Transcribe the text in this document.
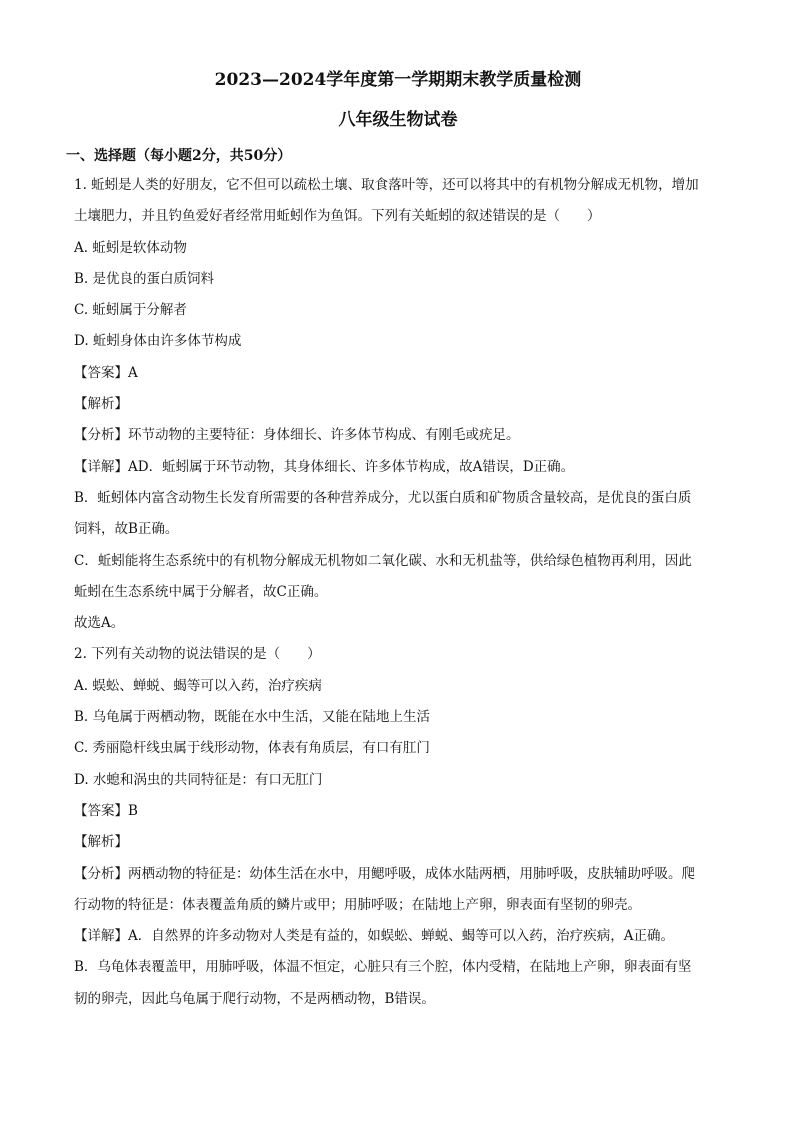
2023—2024学年度第一学期期末教学质量检测
八年级生物试卷
一、选择题（每小题2分，共50分）

1. 蚯蚓是人类的好朋友，它不但可以疏松土壤、取食落叶等，还可以将其中的有机物分解成无机物，增加

土壤肥力，并且钓鱼爱好者经常用蚯蚓作为鱼饵。下列有关蚯蚓的叙述错误的是（　　）

A. 蚯蚓是软体动物

B. 是优良的蛋白质饲料

C. 蚯蚓属于分解者

D. 蚯蚓身体由许多体节构成

【答案】A

【解析】

【分析】环节动物的主要特征：身体细长、许多体节构成、有刚毛或疣足。

【详解】AD．蚯蚓属于环节动物，其身体细长、许多体节构成，故A错误，D正确。

B．蚯蚓体内富含动物生长发育所需要的各种营养成分，尤以蛋白质和矿物质含量较高，是优良的蛋白质

饲料，故B正确。

C．蚯蚓能将生态系统中的有机物分解成无机物如二氧化碳、水和无机盐等，供给绿色植物再利用，因此

蚯蚓在生态系统中属于分解者，故C正确。

故选A。

2. 下列有关动物的说法错误的是（　　）

A. 蜈蚣、蝉蜕、蝎等可以入药，治疗疾病

B. 乌龟属于两栖动物，既能在水中生活，又能在陆地上生活

C. 秀丽隐杆线虫属于线形动物，体表有角质层，有口有肛门

D. 水螅和涡虫的共同特征是：有口无肛门

【答案】B

【解析】

【分析】两栖动物的特征是：幼体生活在水中，用鳃呼吸，成体水陆两栖，用肺呼吸，皮肤辅助呼吸。爬

行动物的特征是：体表覆盖角质的鳞片或甲；用肺呼吸；在陆地上产卵，卵表面有坚韧的卵壳。

【详解】A．自然界的许多动物对人类是有益的，如蜈蚣、蝉蜕、蝎等可以入药，治疗疾病，A正确。

B．乌龟体表覆盖甲，用肺呼吸，体温不恒定，心脏只有三个腔，体内受精，在陆地上产卵，卵表面有坚

韧的卵壳，因此乌龟属于爬行动物，不是两栖动物，B错误。
